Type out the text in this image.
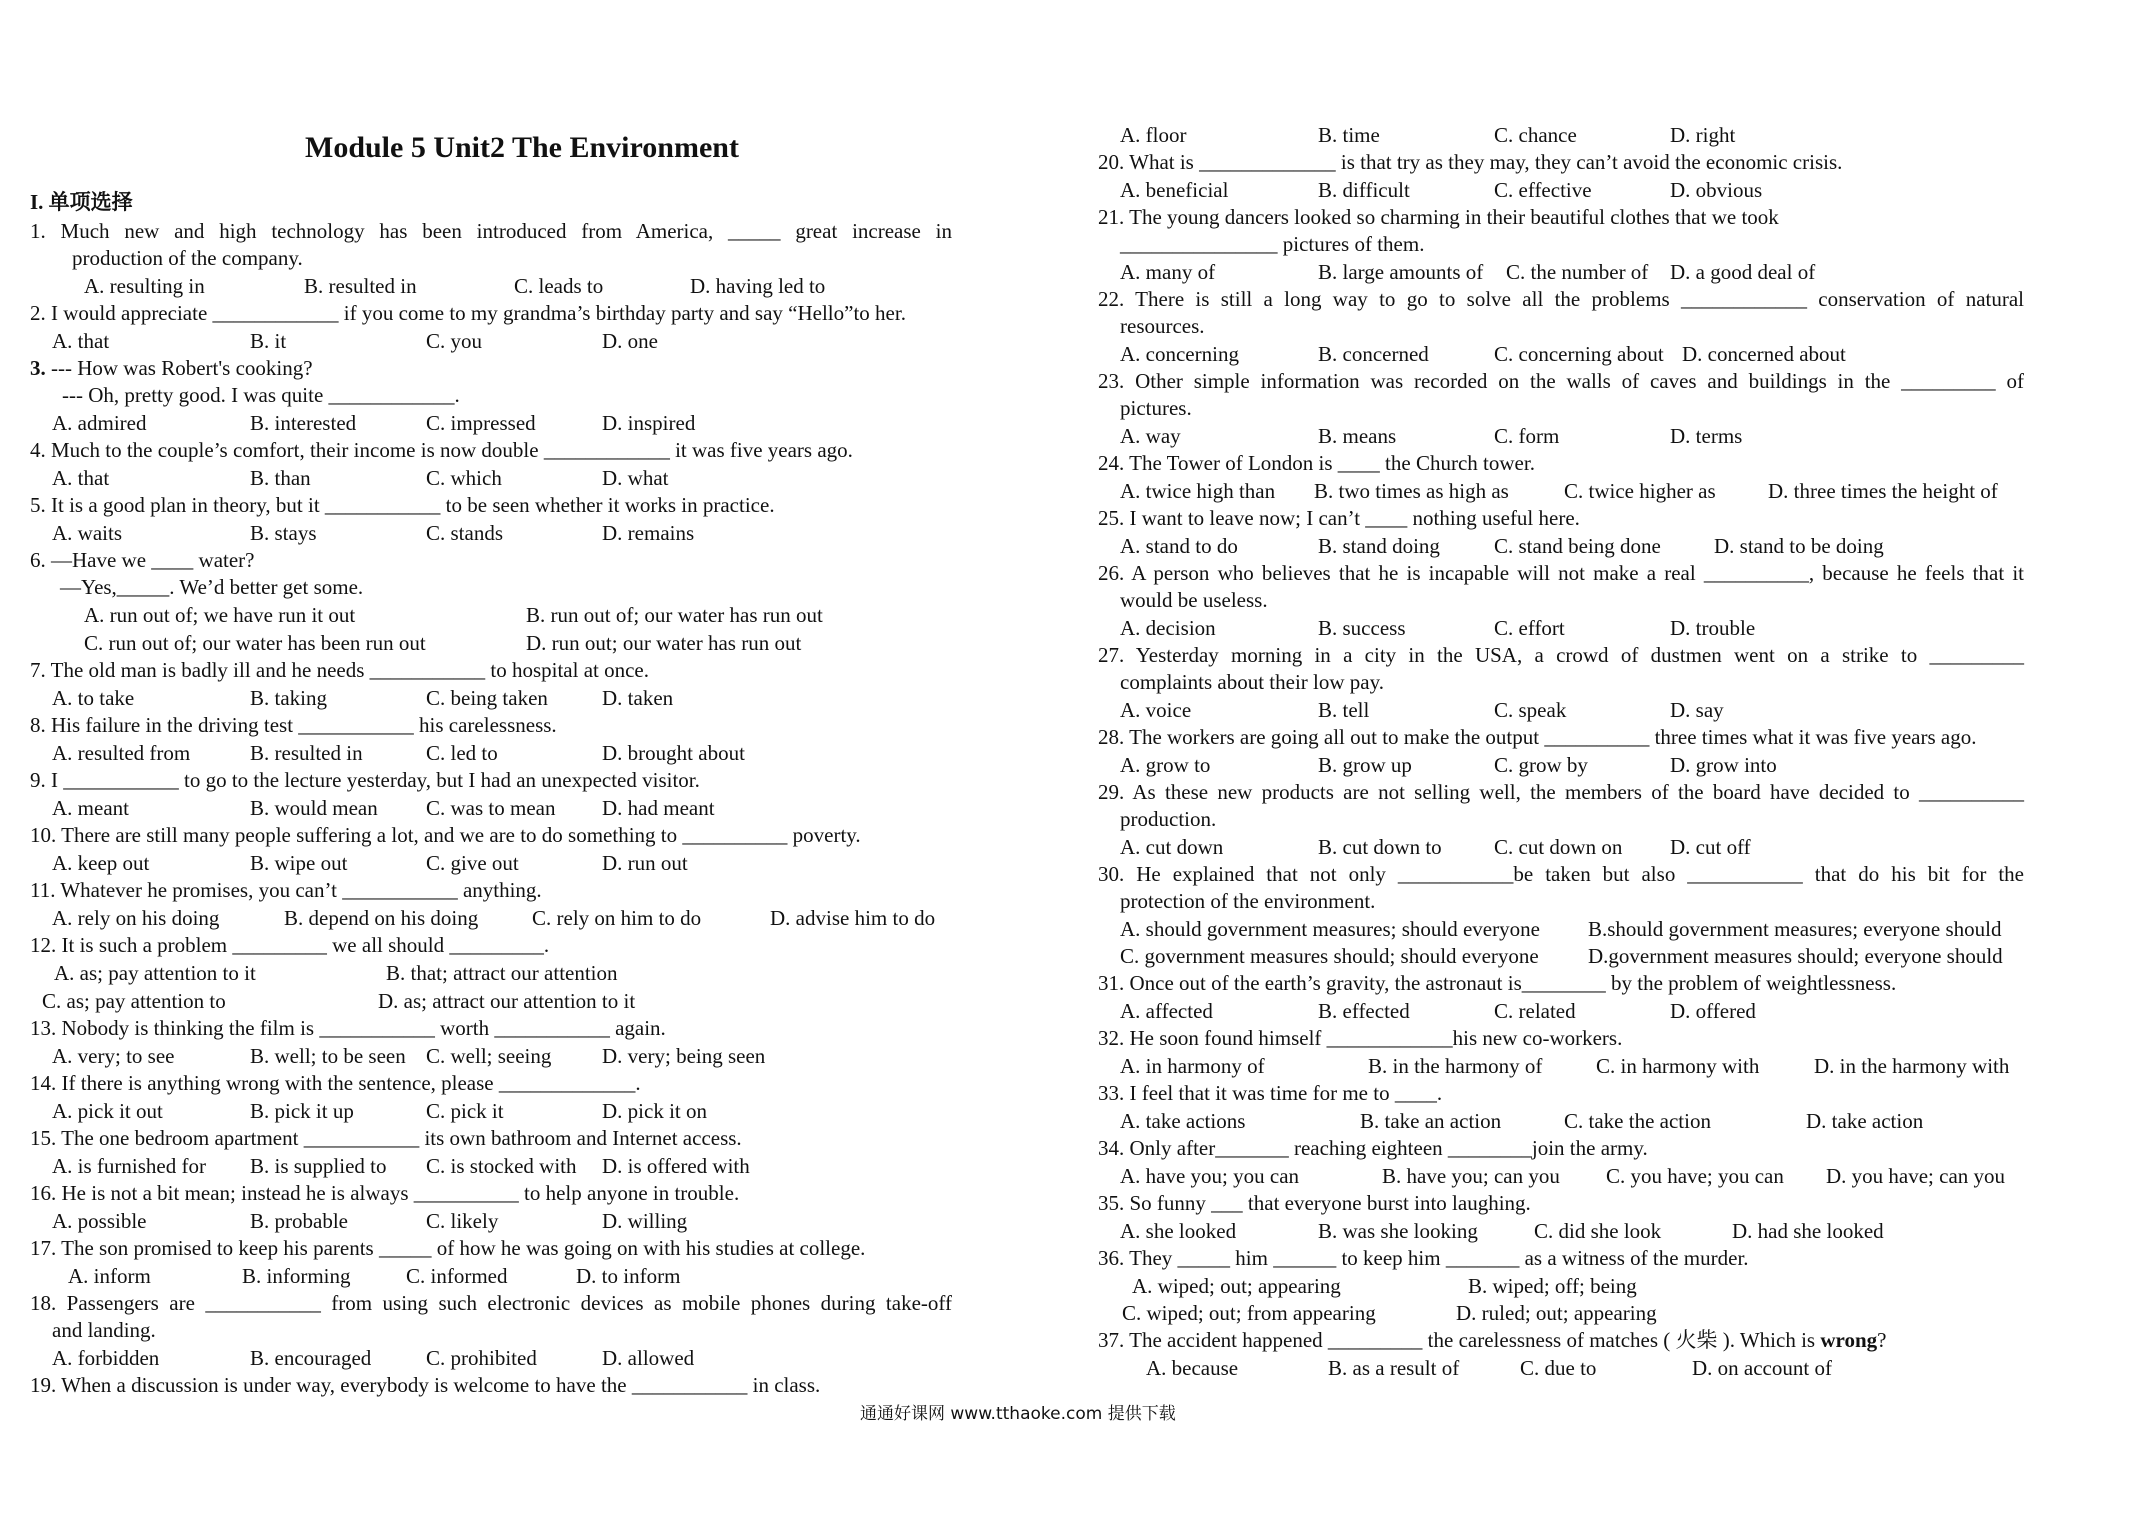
Module 5 Unit2 The Environment
I. 单项选择
1. Much new and high technology has been introduced from America, _____ great increase in
production of the company.
A. resulting in	B. resulted in	C. leads to	D. having led to
2. I would appreciate ____________ if you come to my grandma’s birthday party and say “Hello”to her.
A. that	B. it	C. you	D. one
3. --- How was Robert's cooking?
--- Oh, pretty good. I was quite ____________.
A. admired	B. interested	C. impressed	D. inspired
4. Much to the couple’s comfort, their income is now double ____________ it was five years ago.
A. that	B. than	C. which	D. what
5. It is a good plan in theory, but it ___________ to be seen whether it works in practice.
A. waits	B. stays	C. stands	D. remains
6. —Have we ____ water?
—Yes,_____. We’d better get some.
A. run out of; we have run it out	B. run out of; our water has run out
C. run out of; our water has been run out	D. run out; our water has run out
7. The old man is badly ill and he needs ___________ to hospital at once.
A. to take	B. taking	C. being taken	D. taken
8. His failure in the driving test ___________ his carelessness.
A. resulted from	B. resulted in	C. led to	D. brought about
9. I ___________ to go to the lecture yesterday, but I had an unexpected visitor.
A. meant	B. would mean C. was to mean D. had meant
10. There are still many people suffering a lot, and we are to do something to __________ poverty.
A. keep out	B. wipe out	C. give out	D. run out
11. Whatever he promises, you can’t ___________ anything.
A. rely on his doing	B. depend on his doing	C. rely on him to do	D. advise him to do
12. It is such a problem _________ we all should _________.
A. as; pay attention to it	B. that; attract our attention
C. as; pay attention to	D. as; attract our attention to it
13. Nobody is thinking the film is ___________ worth ___________ again.
A. very; to see	B. well; to be seen C. well; seeing D. very; being seen
14. If there is anything wrong with the sentence, please _____________.
A. pick it out	B. pick it up	C. pick it	D. pick it on
15. The one bedroom apartment ___________ its own bathroom and Internet access.
A. is furnished for B. is supplied to C. is stocked with D. is offered with
16. He is not a bit mean; instead he is always __________ to help anyone in trouble.
A. possible	B. probable	C. likely	D. willing
17. The son promised to keep his parents _____ of how he was going on with his studies at college.
A. inform	B. informing	C. informed	D. to inform
18. Passengers are ___________ from using such electronic devices as mobile phones during take-off
and landing.
A. forbidden	B. encouraged	C. prohibited	D. allowed
19. When a discussion is under way, everybody is welcome to have the ___________ in class.
A. floor	B. time	C. chance	D. right
20. What is _____________ is that try as they may, they can’t avoid the economic crisis.
A. beneficial	B. difficult	C. effective	D. obvious
21. The young dancers looked so charming in their beautiful clothes that we took
_______________ pictures of them.
A. many of	B. large amounts of C. the number of D. a good deal of
22. There is still a long way to go to solve all the problems ____________ conservation of natural
resources.
A. concerning	B. concerned	C. concerning about D. concerned about
23. Other simple information was recorded on the walls of caves and buildings in the _________ of
pictures.
A. way	B. means	C. form	D. terms
24. The Tower of London is ____ the Church tower.
A. twice high than B. two times as high as	C. twice higher as D. three times the height of
25. I want to leave now; I can’t ____ nothing useful here.
A. stand to do	B. stand doing	C. stand being done	D. stand to be doing
26. A person who believes that he is incapable will not make a real __________, because he feels that it
would be useless.
A. decision	B. success	C. effort	D. trouble
27. Yesterday morning in a city in the USA, a crowd of dustmen went on a strike to _________
complaints about their low pay.
A. voice	B. tell	C. speak	D. say
28. The workers are going all out to make the output __________ three times what it was five years ago.
A. grow to	B. grow up	C. grow by	D. grow into
29. As these new products are not selling well, the members of the board have decided to __________
production.
A. cut down	B. cut down to C. cut down on D. cut off
30. He explained that not only ___________be taken but also ___________ that do his bit for the
protection of the environment.
A. should government measures; should everyone B.should government measures; everyone should
C. government measures should; should everyone D.government measures should; everyone should
31. Once out of the earth’s gravity, the astronaut is________ by the problem of weightlessness.
A. affected	B. effected	C. related	D. offered
32. He soon found himself ____________his new co-workers.
A. in harmony of	B. in the harmony of	C. in harmony with	D. in the harmony with
33. I feel that it was time for me to ____.
A. take actions	B. take an action	C. take the action	D. take action
34. Only after_______ reaching eighteen ________join the army.
A. have you; you can	B. have you; can you C. you have; you can D. you have; can you
35. So funny ___ that everyone burst into laughing.
A. she looked	B. was she looking	C. did she look	D. had she looked
36. They _____ him ______ to keep him _______ as a witness of the murder.
A. wiped; out; appearing	B. wiped; off; being
C. wiped; out; from appearing	D. ruled; out; appearing
37. The accident happened _________ the carelessness of matches ( 火柴 ). Which is wrong?
A. because	B. as a result of	C. due to	D. on account of
通通好课网 www.tthaoke.com 提供下载
